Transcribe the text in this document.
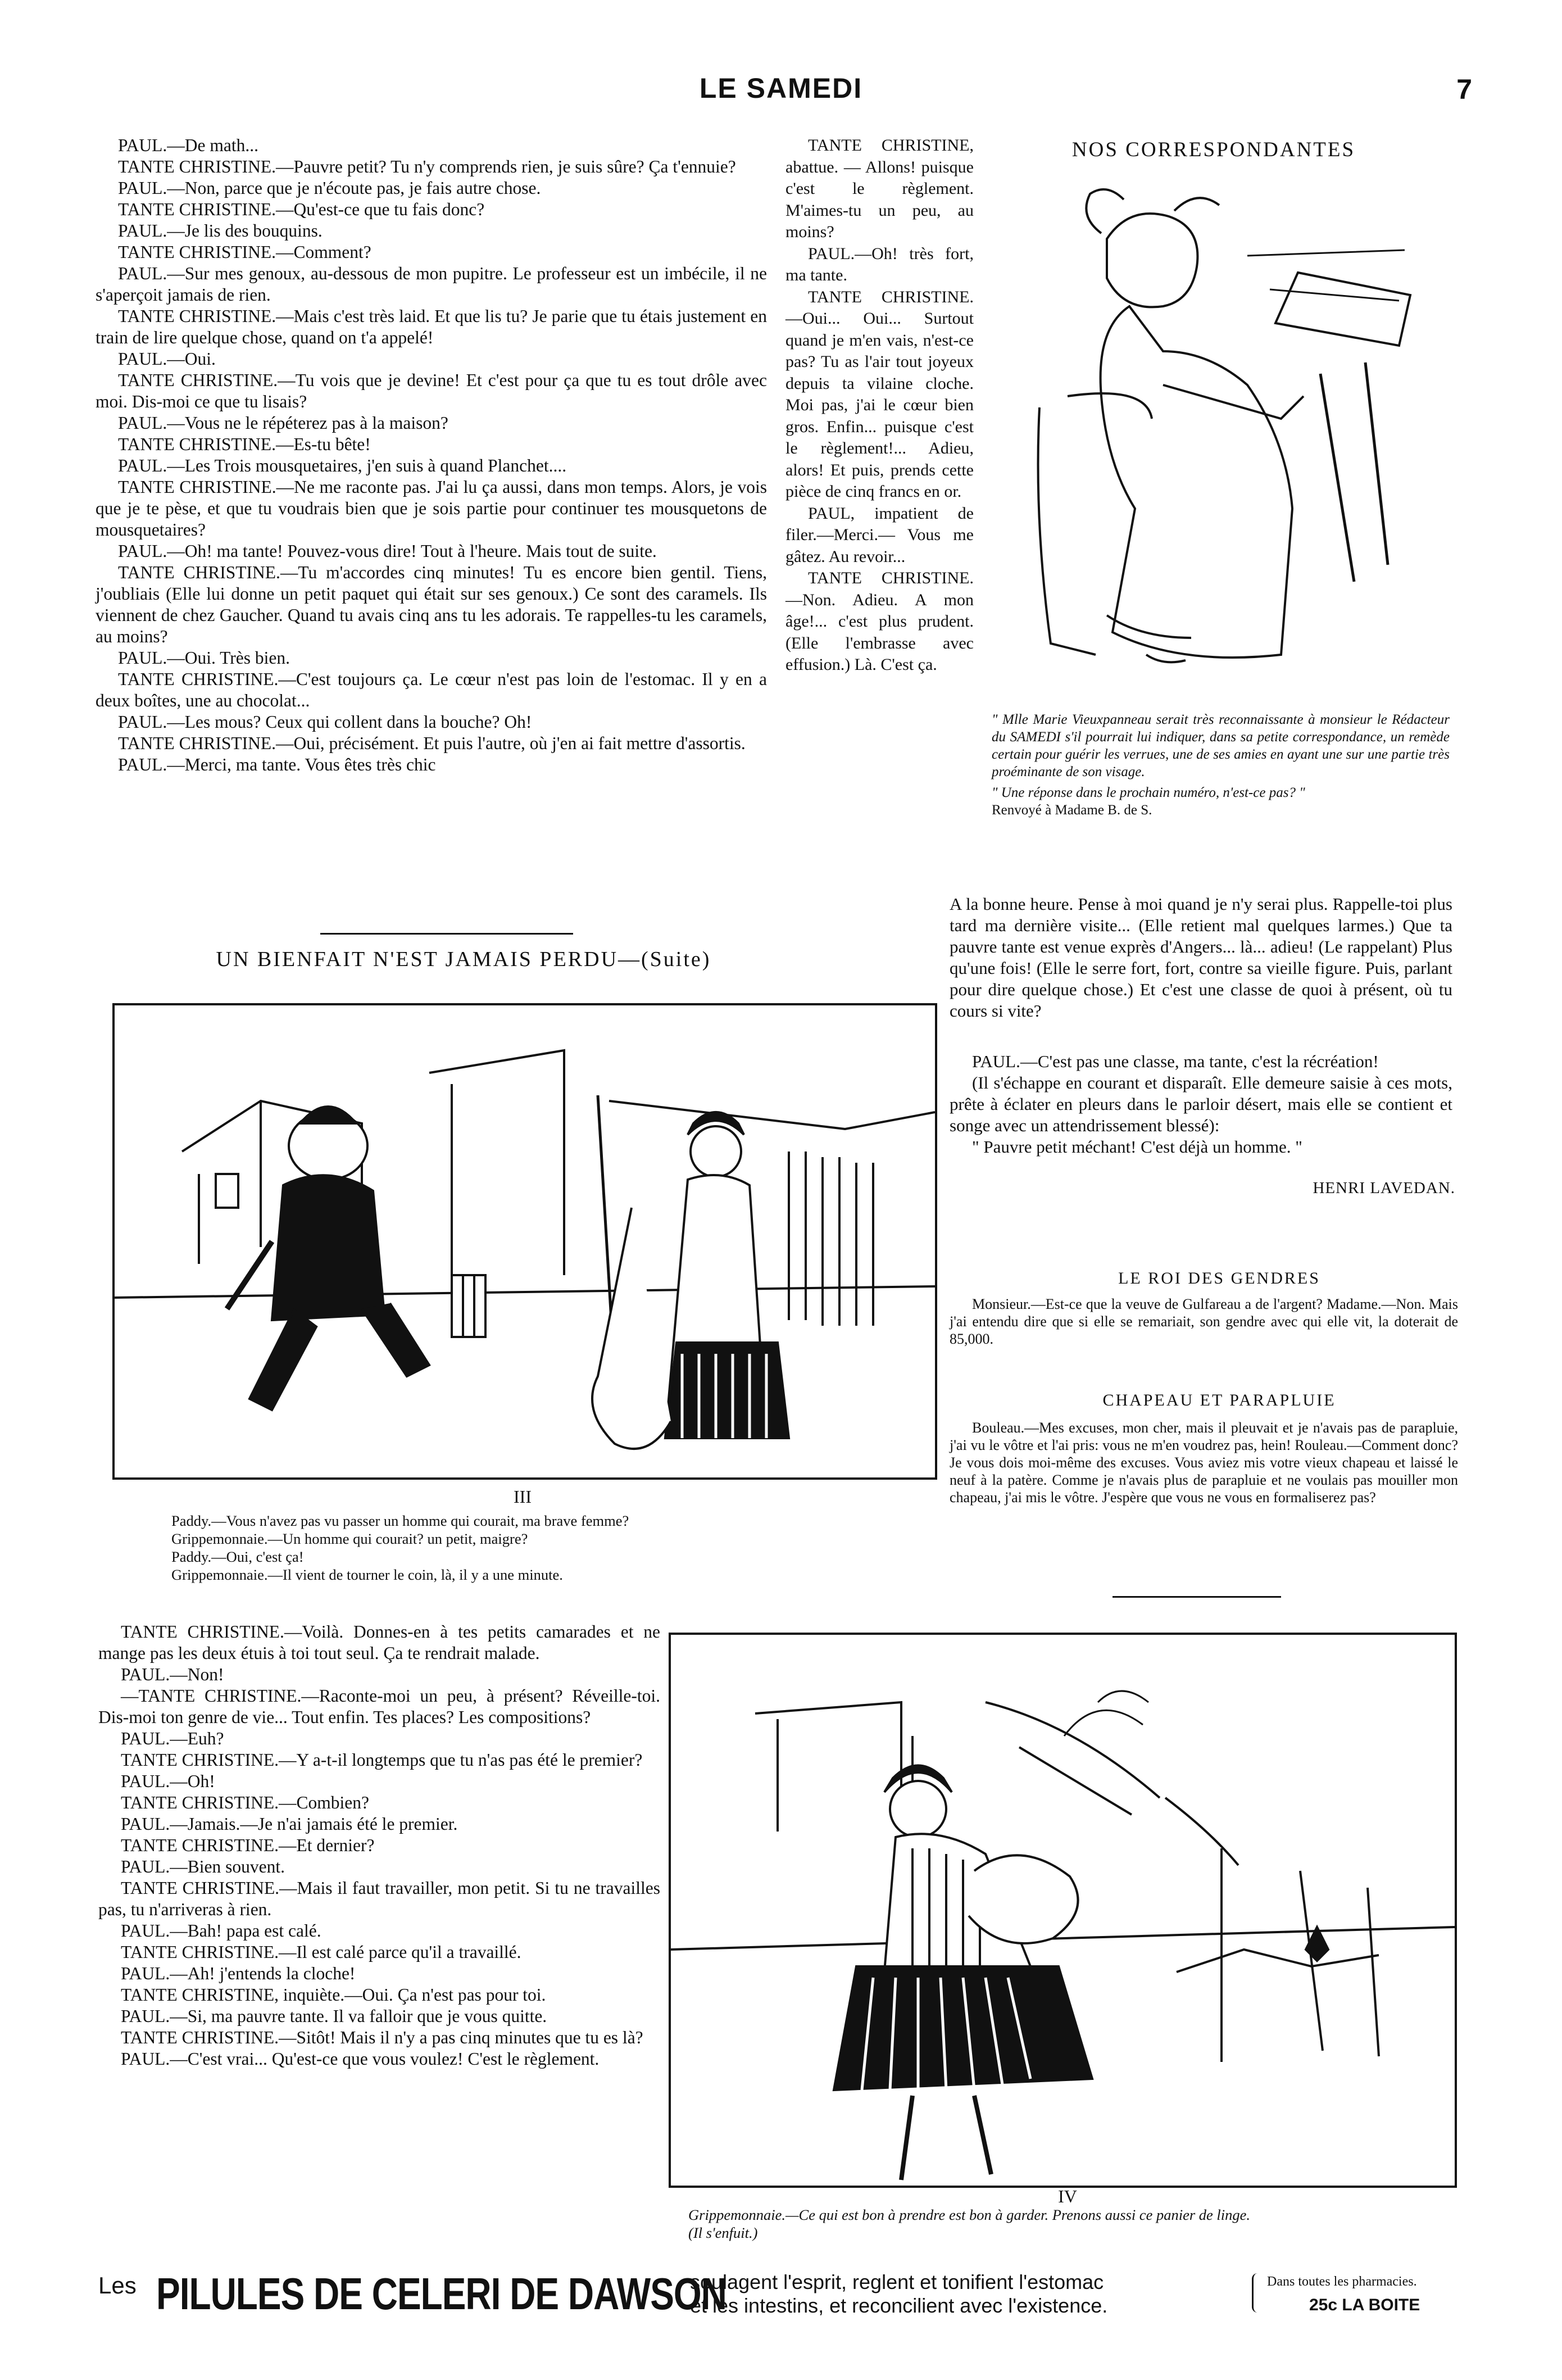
LE SAMEDI	7

PAUL.—De math...

TANTE CHRISTINE.—Pauvre petit? Tu n'y comprends rien, je suis sûre? Ça t'ennuie?

PAUL.—Non, parce que je n'écoute pas, je fais autre chose.

TANTE CHRISTINE.—Qu'est-ce que tu fais donc?

PAUL.—Je lis des bouquins.

TANTE CHRISTINE.—Comment?

PAUL.—Sur mes genoux, au-dessous de mon pupitre. Le professeur est un imbécile, il ne s'aperçoit jamais de rien.

TANTE CHRISTINE.—Mais c'est très laid. Et que lis tu? Je parie que tu étais justement en train de lire quelque chose, quand on t'a appelé!

PAUL.—Oui.

TANTE CHRISTINE.—Tu vois que je devine! Et c'est pour ça que tu es tout drôle avec moi. Dis-moi ce que tu lisais?

PAUL.—Vous ne le répéterez pas à la maison?

TANTE CHRISTINE.—Es-tu bête!

PAUL.—Les Trois mousquetaires, j'en suis à quand Planchet....

TANTE CHRISTINE.—Ne me raconte pas. J'ai lu ça aussi, dans mon temps. Alors, je vois que je te pèse, et que tu voudrais bien que je sois partie pour continuer tes mousquetons de mousquetaires?

PAUL.—Oh! ma tante! Pouvez-vous dire! Tout à l'heure. Mais tout de suite.

TANTE CHRISTINE.—Tu m'accordes cinq minutes! Tu es encore bien gentil. Tiens, j'oubliais (Elle lui donne un petit paquet qui était sur ses genoux.) Ce sont des caramels. Ils viennent de chez Gaucher. Quand tu avais cinq ans tu les adorais. Te rappelles-tu les caramels, au moins?

PAUL.—Oui. Très bien.

TANTE CHRISTINE.—C'est toujours ça. Le cœur n'est pas loin de l'estomac. Il y en a deux boîtes, une au chocolat...

PAUL.—Les mous? Ceux qui collent dans la bouche? Oh!

TANTE CHRISTINE.—Oui, précisément. Et puis l'autre, où j'en ai fait mettre d'assortis.

PAUL.—Merci, ma tante. Vous êtes très chic

TANTE CHRISTINE, abattue. — Allons! puisque c'est le règlement. M'aimes-tu un peu, au moins?

PAUL.—Oh! très fort, ma tante.

TANTE CHRISTINE.—Oui... Oui... Surtout quand je m'en vais, n'est-ce pas? Tu as l'air tout joyeux depuis ta vilaine cloche. Moi pas, j'ai le cœur bien gros. Enfin... puisque c'est le règlement!... Adieu, alors! Et puis, prends cette pièce de cinq francs en or.

PAUL, impatient de filer.—Merci.— Vous me gâtez. Au revoir...

TANTE CHRISTINE.—Non. Adieu. A mon âge!... c'est plus prudent. (Elle l'embrasse avec effusion.) Là. C'est ça.

NOS CORRESPONDANTES
" Mlle Marie Vieuxpanneau serait très reconnaissante à monsieur le Rédacteur du SAMEDI s'il pourrait lui indiquer, dans sa petite correspondance, un remède certain pour guérir les verrues, une de ses amies en ayant une sur une partie très proéminante de son visage.
" Une réponse dans le prochain numéro, n'est-ce pas? "
Renvoyé à Madame B. de S.

A la bonne heure. Pense à moi quand je n'y serai plus. Rappelle-toi plus tard ma dernière visite... (Elle retient mal quelques larmes.) Que ta pauvre tante est venue exprès d'Angers... là... adieu! (Le rappelant) Plus qu'une fois! (Elle le serre fort, fort, contre sa vieille figure. Puis, parlant pour dire quelque chose.) Et c'est une classe de quoi à présent, où tu cours si vite?

PAUL.—C'est pas une classe, ma tante, c'est la récréation!

(Il s'échappe en courant et disparaît. Elle demeure saisie à ces mots, prête à éclater en pleurs dans le parloir désert, mais elle se contient et songe avec un attendrissement blessé):

" Pauvre petit méchant! C'est déjà un homme. "

HENRI LAVEDAN.
UN BIENFAIT N'EST JAMAIS PERDU—(Suite)
III

Paddy.—Vous n'avez pas vu passer un homme qui courait, ma brave femme?

Grippemonnaie.—Un homme qui courait? un petit, maigre?

Paddy.—Oui, c'est ça!

Grippemonnaie.—Il vient de tourner le coin, là, il y a une minute.

LE ROI DES GENDRES

Monsieur.—Est-ce que la veuve de Gulfareau a de l'argent? Madame.—Non. Mais j'ai entendu dire que si elle se remariait, son gendre avec qui elle vit, la doterait de 85,000.

CHAPEAU ET PARAPLUIE

Bouleau.—Mes excuses, mon cher, mais il pleuvait et je n'avais pas de parapluie, j'ai vu le vôtre et l'ai pris: vous ne m'en voudrez pas, hein! Rouleau.—Comment donc? Je vous dois moi-même des excuses. Vous aviez mis votre vieux chapeau et laissé le neuf à la patère. Comme je n'avais plus de parapluie et ne voulais pas mouiller mon chapeau, j'ai mis le vôtre. J'espère que vous ne vous en formaliserez pas?

TANTE CHRISTINE.—Voilà. Donnes-en à tes petits camarades et ne mange pas les deux étuis à toi tout seul. Ça te rendrait malade.

PAUL.—Non!

—TANTE CHRISTINE.—Raconte-moi un peu, à présent? Réveille-toi. Dis-moi ton genre de vie... Tout enfin. Tes places? Les compositions?

PAUL.—Euh?

TANTE CHRISTINE.—Y a-t-il longtemps que tu n'as pas été le premier?

PAUL.—Oh!

TANTE CHRISTINE.—Combien?

PAUL.—Jamais.—Je n'ai jamais été le premier.

TANTE CHRISTINE.—Et dernier?

PAUL.—Bien souvent.

TANTE CHRISTINE.—Mais il faut travailler, mon petit. Si tu ne travailles pas, tu n'arriveras à rien.

PAUL.—Bah! papa est calé.

TANTE CHRISTINE.—Il est calé parce qu'il a travaillé.

PAUL.—Ah! j'entends la cloche!

TANTE CHRISTINE, inquiète.—Oui. Ça n'est pas pour toi.

PAUL.—Si, ma pauvre tante. Il va falloir que je vous quitte.

TANTE CHRISTINE.—Sitôt! Mais il n'y a pas cinq minutes que tu es là?

PAUL.—C'est vrai... Qu'est-ce que vous voulez! C'est le règlement.

IV

Grippemonnaie.—Ce qui est bon à prendre est bon à garder. Prenons aussi ce panier de linge.

(Il s'enfuit.)

Les PILULES DE CELERI DE DAWSON
soulagent l'esprit, reglent et tonifient l'estomac
et les intestins, et reconcilient avec l'existence.
Dans toutes les pharmacies.
25c LA BOITE
